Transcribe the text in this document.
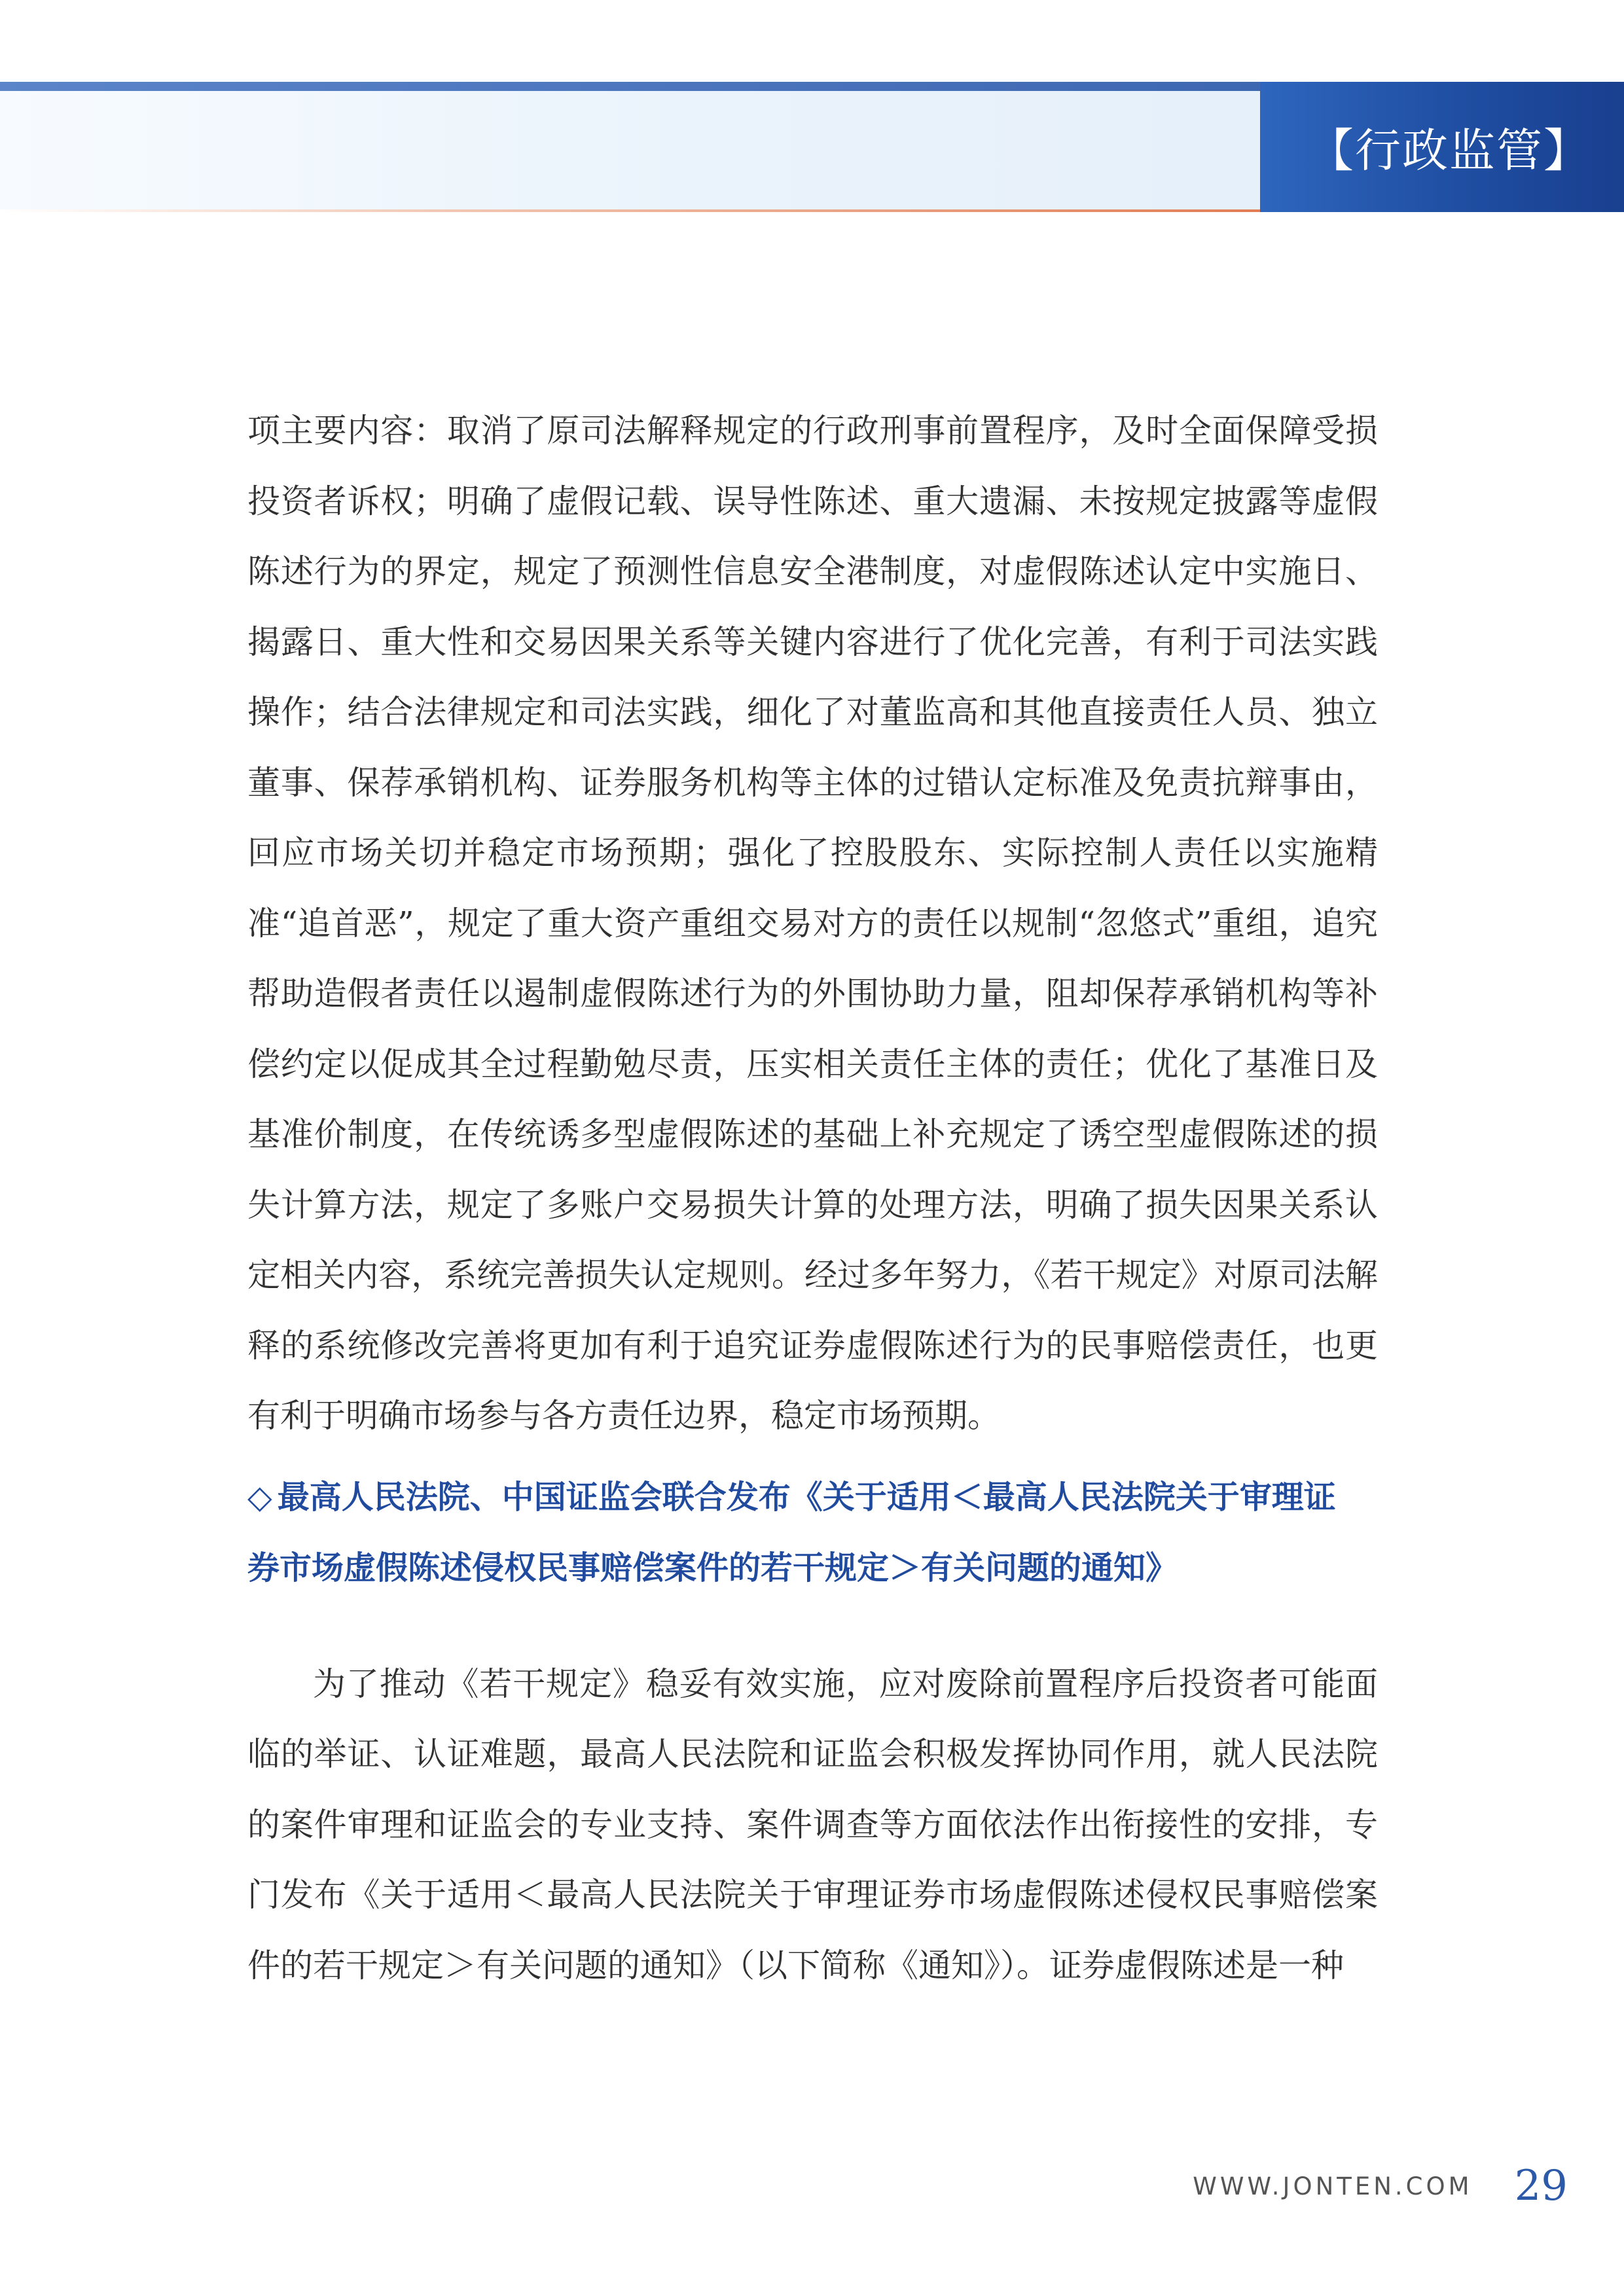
【行政监管】

项主要内容：取消了原司法解释规定的行政刑事前置程序，及时全面保障受损投资者诉权；明确了虚假记载、误导性陈述、重大遗漏、未按规定披露等虚假陈述行为的界定，规定了预测性信息安全港制度，对虚假陈述认定中实施日、揭露日、重大性和交易因果关系等关键内容进行了优化完善，有利于司法实践操作；结合法律规定和司法实践，细化了对董监高和其他直接责任人员、独立董事、保荐承销机构、证券服务机构等主体的过错认定标准及免责抗辩事由，回应市场关切并稳定市场预期；强化了控股股东、实际控制人责任以实施精准“追首恶”，规定了重大资产重组交易对方的责任以规制“忽悠式”重组，追究帮助造假者责任以遏制虚假陈述行为的外围协助力量，阻却保荐承销机构等补偿约定以促成其全过程勤勉尽责，压实相关责任主体的责任；优化了基准日及基准价制度，在传统诱多型虚假陈述的基础上补充规定了诱空型虚假陈述的损失计算方法，规定了多账户交易损失计算的处理方法，明确了损失因果关系认定相关内容，系统完善损失认定规则。经过多年努力，《若干规定》对原司法解释的系统修改完善将更加有利于追究证券虚假陈述行为的民事赔偿责任，也更有利于明确市场参与各方责任边界，稳定市场预期。

◇ 最高人民法院、中国证监会联合发布《关于适用＜最高人民法院关于审理证
券市场虚假陈述侵权民事赔偿案件的若干规定＞有关问题的通知》

为了推动《若干规定》稳妥有效实施，应对废除前置程序后投资者可能面临的举证、认证难题，最高人民法院和证监会积极发挥协同作用，就人民法院的案件审理和证监会的专业支持、案件调查等方面依法作出衔接性的安排，专门发布《关于适用＜最高人民法院关于审理证券市场虚假陈述侵权民事赔偿案件的若干规定＞有关问题的通知》（以下简称《通知》）。证券虚假陈述是一种

WWW.JONTEN.COM 29
